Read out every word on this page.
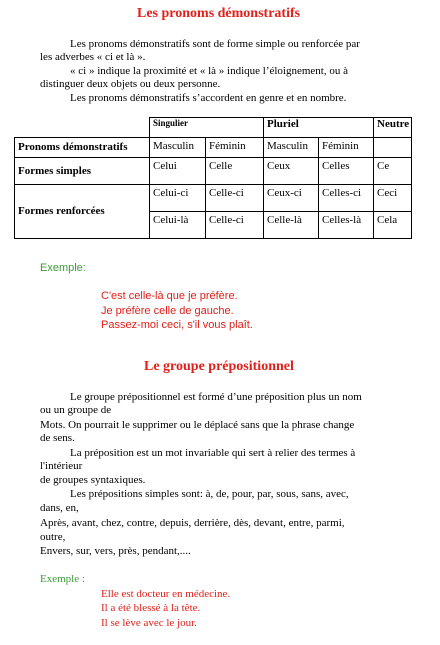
Les pronoms démonstratifs
Les pronoms démonstratifs sont de forme simple ou renforcée par
les adverbes « ci et là ».
« ci » indique la proximité et « là » indique l’éloignement, ou à
distinguer deux objets ou deux personne.
Les pronoms démonstratifs s’accordent en genre et en nombre.
	Singulier		Pluriel		Neutre
Pronoms démonstratifs	Masculin	Féminin	Masculin	Féminin	
Formes simples	Celui	Celle	Ceux	Celles	Ce
Formes renforcées	Celui-ci	Celle-ci	Ceux-ci	Celles-ci	Ceci
	Celui-là	Celle-ci	Celle-là	Celles-là	Cela
Exemple:
C'est celle-là que je préfère.
Je préfère celle de gauche.
Passez-moi ceci, s'il vous plaît.
Le groupe prépositionnel
Le groupe prépositionnel est formé d’une préposition plus un nom
ou un groupe de
Mots. On pourrait le supprimer ou le déplacé sans que la phrase change
de sens.
La préposition est un mot invariable qui sert à relier des termes à
l'intérieur
de groupes syntaxiques.
Les prépositions simples sont: à, de, pour, par, sous, sans, avec,
dans, en,
Après, avant, chez, contre, depuis, derrière, dès, devant, entre, parmi,
outre,
Envers, sur, vers, près, pendant,....
Exemple :
Elle est docteur en médecine.
Il a été blessé à la tête.
Il se lève avec le jour.
